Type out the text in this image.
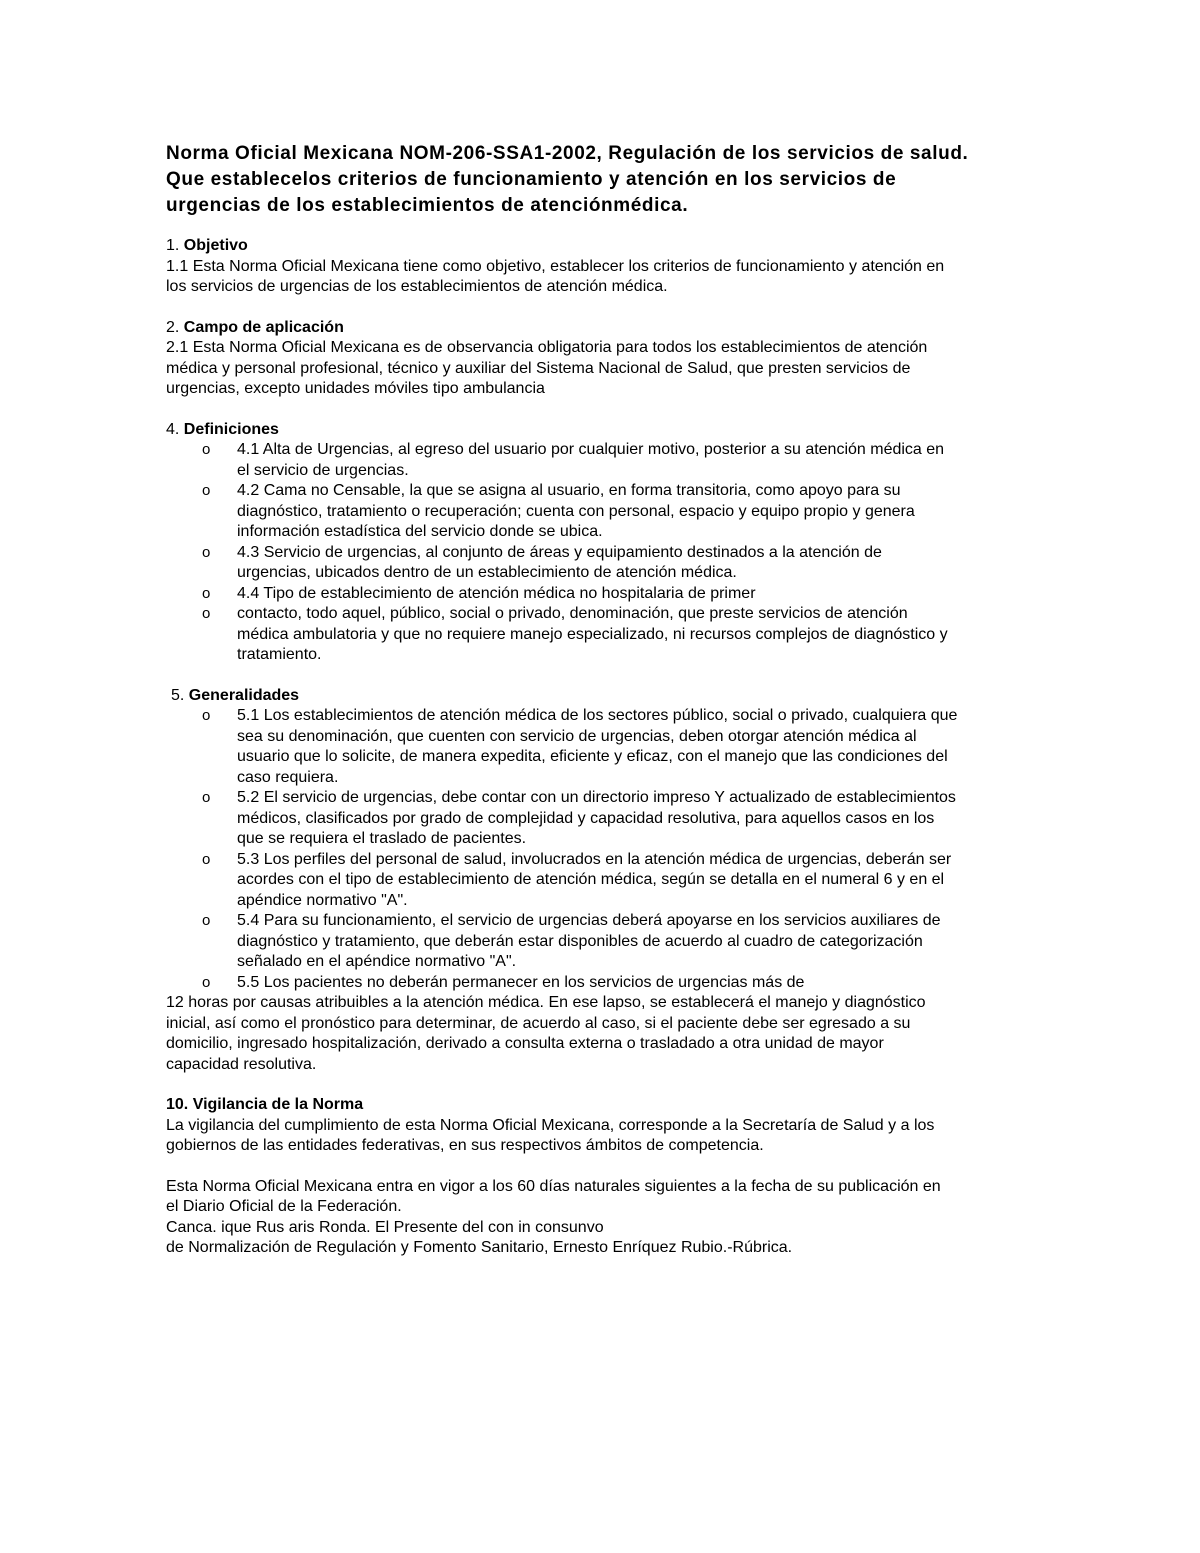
Norma Oficial Mexicana NOM-206-SSA1-2002, Regulación de los servicios de salud.
Que establecelos criterios de funcionamiento y atención en los servicios de
urgencias de los establecimientos de atenciónmédica.
1. Objetivo
1.1 Esta Norma Oficial Mexicana tiene como objetivo, establecer los criterios de funcionamiento y atención en
los servicios de urgencias de los establecimientos de atención médica.
2. Campo de aplicación
2.1 Esta Norma Oficial Mexicana es de observancia obligatoria para todos los establecimientos de atención
médica y personal profesional, técnico y auxiliar del Sistema Nacional de Salud, que presten servicios de
urgencias, excepto unidades móviles tipo ambulancia
4. Definiciones
o 4.1 Alta de Urgencias, al egreso del usuario por cualquier motivo, posterior a su atención médica en
el servicio de urgencias.
o 4.2 Cama no Censable, la que se asigna al usuario, en forma transitoria, como apoyo para su
diagnóstico, tratamiento o recuperación; cuenta con personal, espacio y equipo propio y genera
información estadística del servicio donde se ubica.
o 4.3 Servicio de urgencias, al conjunto de áreas y equipamiento destinados a la atención de
urgencias, ubicados dentro de un establecimiento de atención médica.
o 4.4 Tipo de establecimiento de atención médica no hospitalaria de primer
o contacto, todo aquel, público, social o privado, denominación, que preste servicios de atención
médica ambulatoria y que no requiere manejo especializado, ni recursos complejos de diagnóstico y
tratamiento.
5. Generalidades
o 5.1 Los establecimientos de atención médica de los sectores público, social o privado, cualquiera que
sea su denominación, que cuenten con servicio de urgencias, deben otorgar atención médica al
usuario que lo solicite, de manera expedita, eficiente y eficaz, con el manejo que las condiciones del
caso requiera.
o 5.2 El servicio de urgencias, debe contar con un directorio impreso Y actualizado de establecimientos
médicos, clasificados por grado de complejidad y capacidad resolutiva, para aquellos casos en los
que se requiera el traslado de pacientes.
o 5.3 Los perfiles del personal de salud, involucrados en la atención médica de urgencias, deberán ser
acordes con el tipo de establecimiento de atención médica, según se detalla en el numeral 6 y en el
apéndice normativo "A".
o 5.4 Para su funcionamiento, el servicio de urgencias deberá apoyarse en los servicios auxiliares de
diagnóstico y tratamiento, que deberán estar disponibles de acuerdo al cuadro de categorización
señalado en el apéndice normativo "A".
o 5.5 Los pacientes no deberán permanecer en los servicios de urgencias más de
12 horas por causas atribuibles a la atención médica. En ese lapso, se establecerá el manejo y diagnóstico
inicial, así como el pronóstico para determinar, de acuerdo al caso, si el paciente debe ser egresado a su
domicilio, ingresado hospitalización, derivado a consulta externa o trasladado a otra unidad de mayor
capacidad resolutiva.
10. Vigilancia de la Norma
La vigilancia del cumplimiento de esta Norma Oficial Mexicana, corresponde a la Secretaría de Salud y a los
gobiernos de las entidades federativas, en sus respectivos ámbitos de competencia.
Esta Norma Oficial Mexicana entra en vigor a los 60 días naturales siguientes a la fecha de su publicación en
el Diario Oficial de la Federación.
Canca. ique Rus aris Ronda. El Presente del con in consunvo
de Normalización de Regulación y Fomento Sanitario, Ernesto Enríquez Rubio.-Rúbrica.
